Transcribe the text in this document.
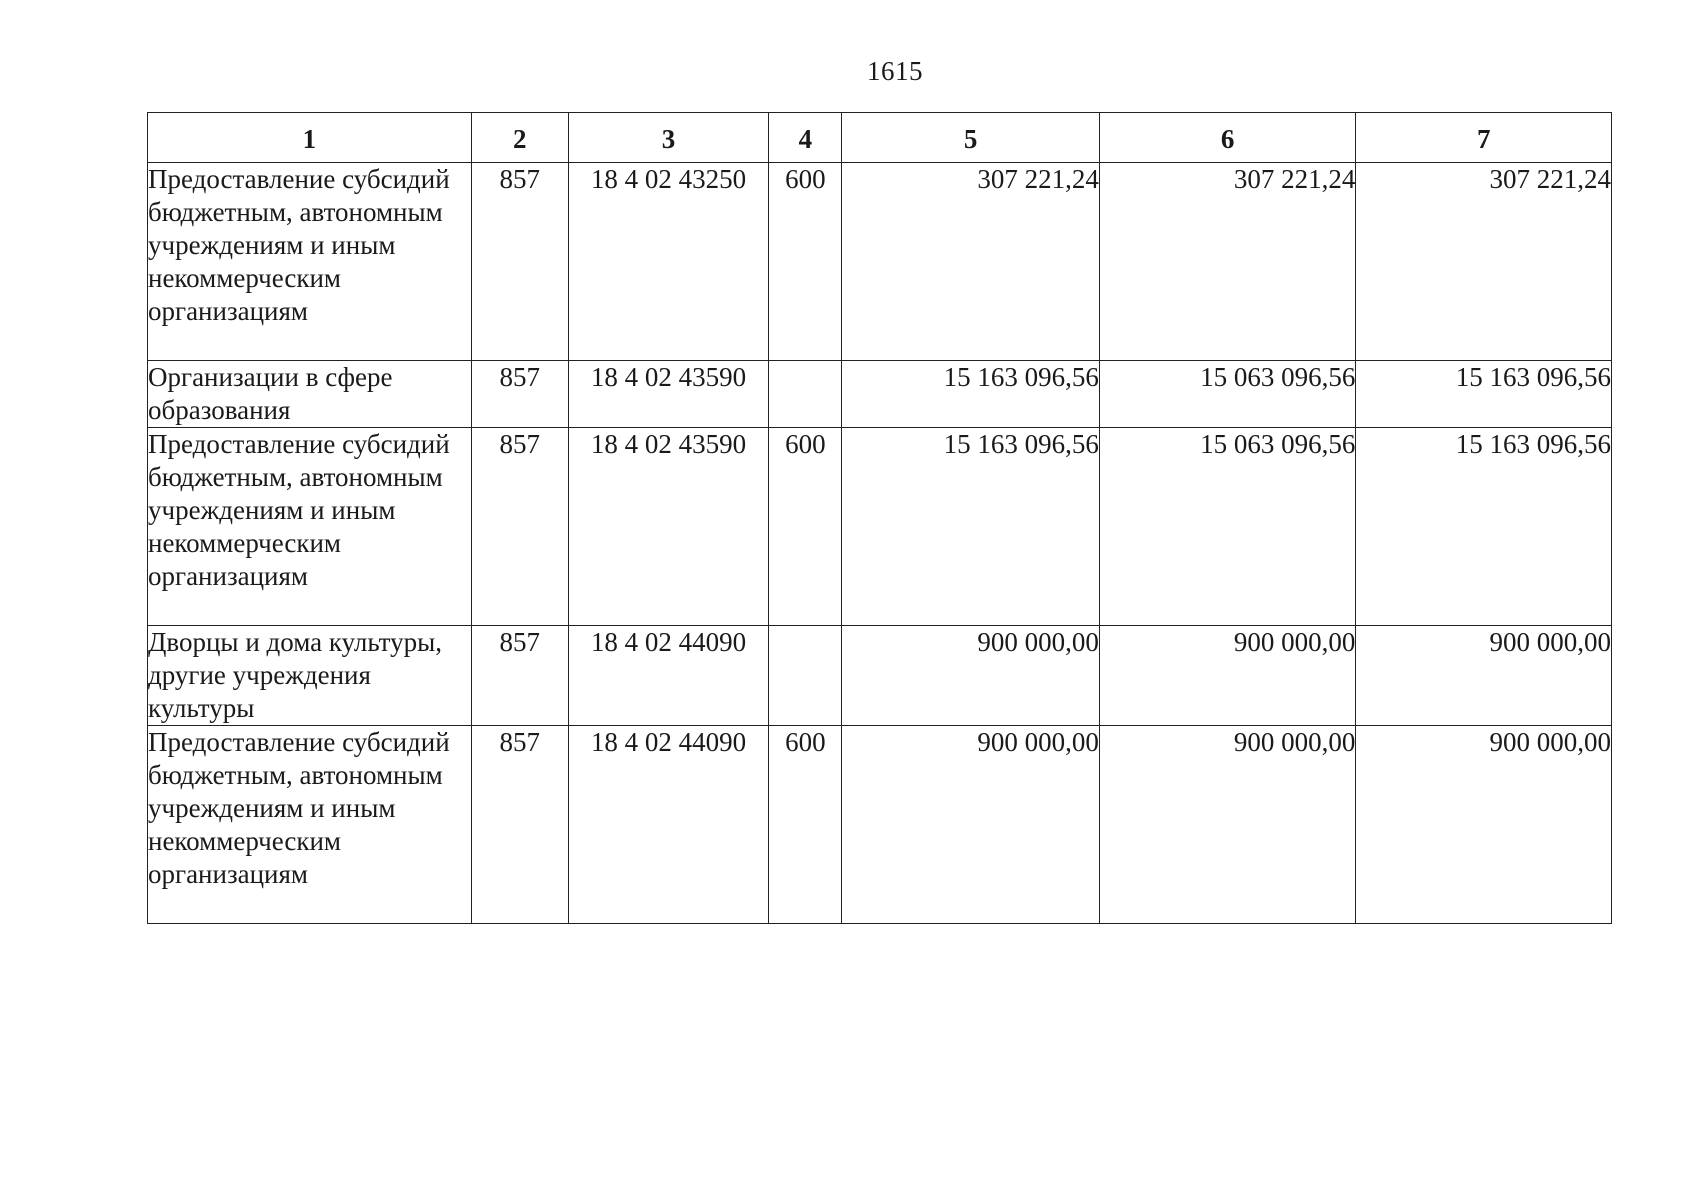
1615
1	2	3	4	5	6	7
Предоставление субсидий бюджетным, автономным учреждениям и иным некоммерческим организациям	857	18 4 02 43250	600	307 221,24	307 221,24	307 221,24
Организации в сфере образования	857	18 4 02 43590		15 163 096,56	15 063 096,56	15 163 096,56
Предоставление субсидий бюджетным, автономным учреждениям и иным некоммерческим организациям	857	18 4 02 43590	600	15 163 096,56	15 063 096,56	15 163 096,56
Дворцы и дома культуры, другие учреждения культуры	857	18 4 02 44090		900 000,00	900 000,00	900 000,00
Предоставление субсидий бюджетным, автономным учреждениям и иным некоммерческим организациям	857	18 4 02 44090	600	900 000,00	900 000,00	900 000,00
